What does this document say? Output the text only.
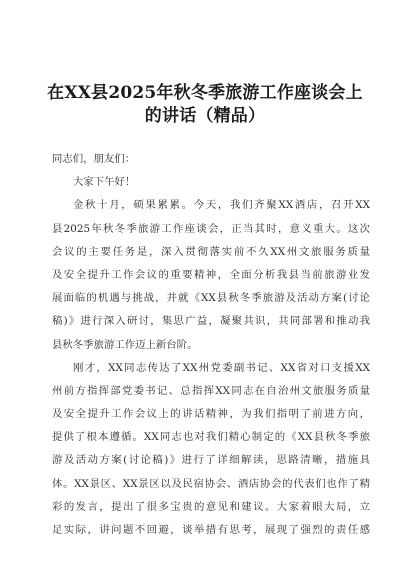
在XX县2025年秋冬季旅游工作座谈会上
的讲话（精品）
同志们，朋友们：
大家下午好！
金秋十月，硕果累累。今天，我们齐聚XX酒店，召开XX
县2025年秋冬季旅游工作座谈会，正当其时，意义重大。这次
会议的主要任务是，深入贯彻落实前不久XX州文旅服务质量
及安全提升工作会议的重要精神，全面分析我县当前旅游业发
展面临的机遇与挑战，并就《XX县秋冬季旅游及活动方案(讨论
稿)》进行深入研讨，集思广益，凝聚共识，共同部署和推动我
县秋冬季旅游工作迈上新台阶。
刚才，XX同志传达了XX州党委副书记、XX省对口支援XX
州前方指挥部党委书记、总指挥XX同志在自治州文旅服务质量
及安全提升工作会议上的讲话精神，为我们指明了前进方向，
提供了根本遵循。XX同志也对我们精心制定的《XX县秋冬季旅
游及活动方案(讨论稿)》进行了详细解读，思路清晰，措施具
体。XX景区、XX景区以及民宿协会、酒店协会的代表们也作了精
彩的发言，提出了很多宝贵的意见和建议。大家着眼大局，立
足实际，讲问题不回避，谈举措有思考，展现了强烈的责任感
